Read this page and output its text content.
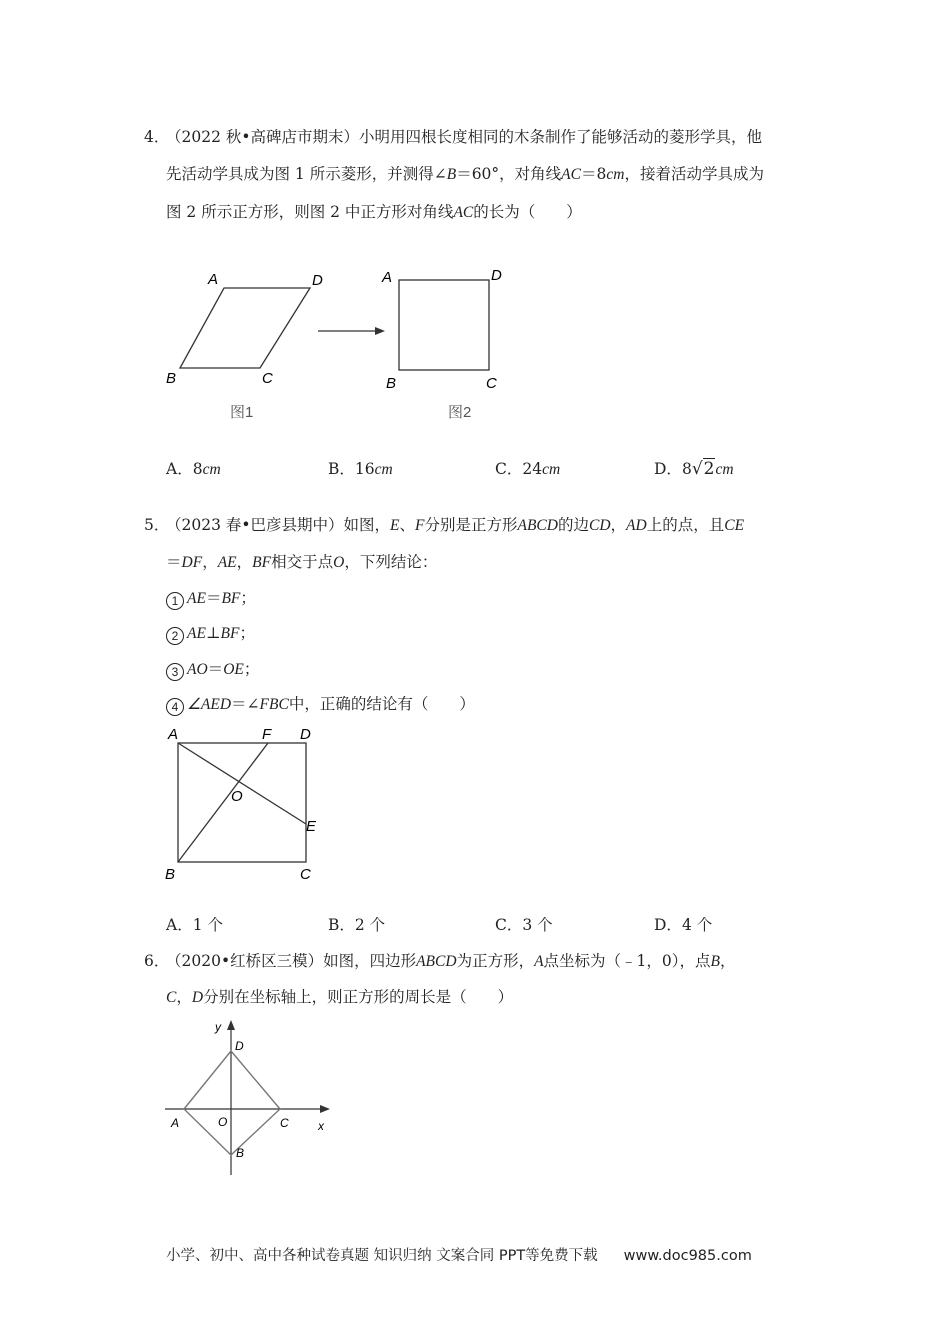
4．
（2022 秋•高碑店市期末）小明用四根长度相同的木条制作了能够活动的菱形学具，他
先活动学具成为图 1 所示菱形，并测得∠B＝60°，对角线AC＝8cm，接着活动学具成为
图 2 所示正方形，则图 2 中正方形对角线AC的长为（　　）
A	D
B	C
图1
A	D
B	C
图2
A．8cm	B．16cm	C．24cm	D．8√2cm
5．
（2023 春•巴彦县期中）如图，E、F分别是正方形ABCD的边CD，AD上的点，且CE
＝DF，AE，BF相交于点O，下列结论：
1 AE＝BF；
2 AE⊥BF；
3 AO＝OE；
4 ∠AED＝∠FBC中，正确的结论有（　　）
A	F D
O
E
B	C
A．1 个	B．2 个	C．3 个	D．4 个
6．
（2020•红桥区三模）如图，四边形ABCD为正方形，A点坐标为（﹣1，0），点B，
C，D分别在坐标轴上，则正方形的周长是（　　）
y
x
D
A	O	C
B
小学、初中、高中各种试卷真题 知识归纳 文案合同 PPT等免费下载 www.doc985.com
